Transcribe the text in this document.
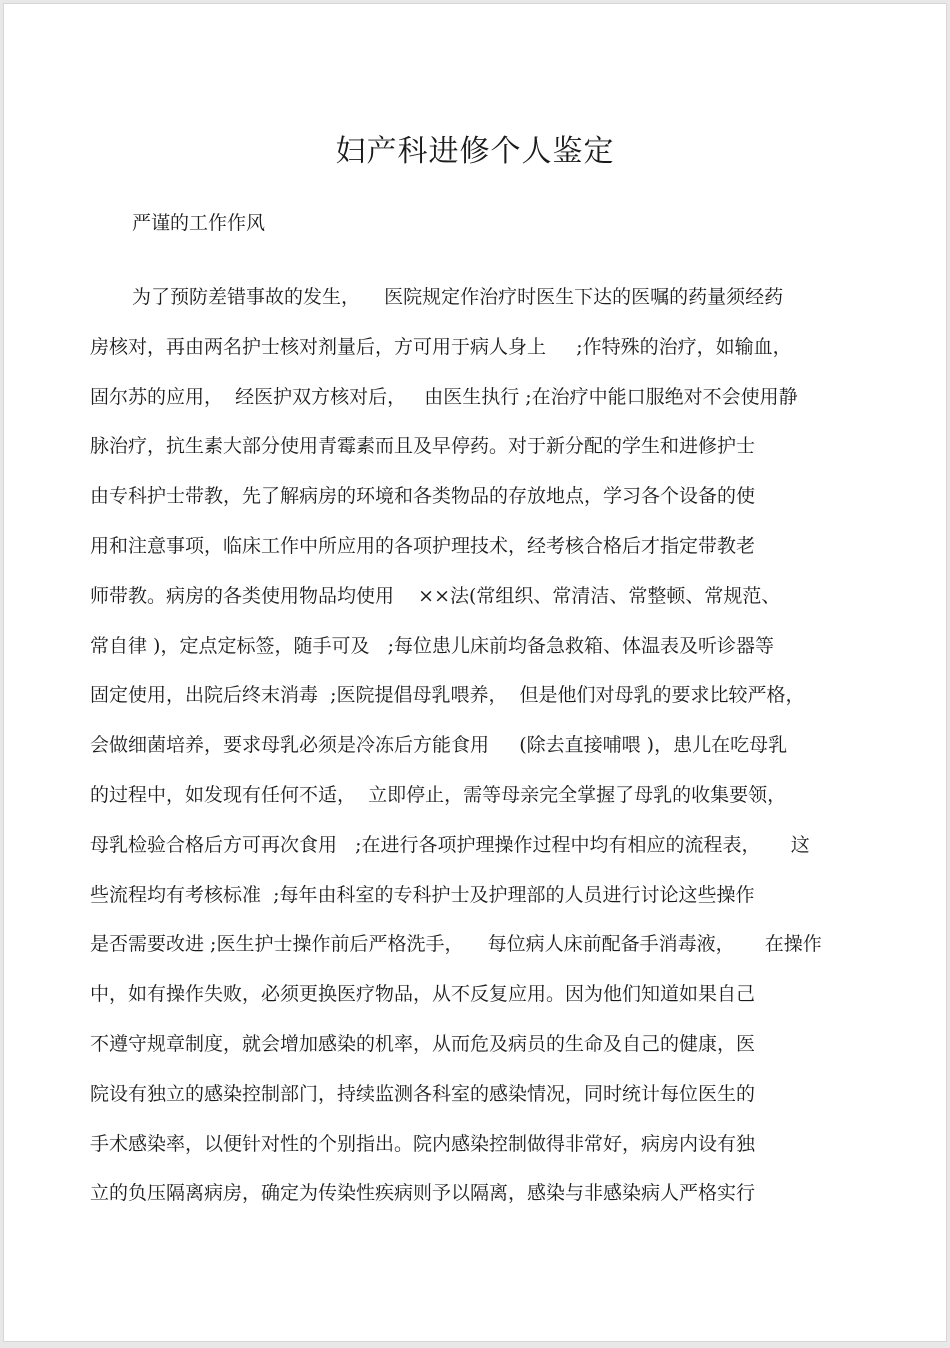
妇产科进修个人鉴定

严谨的工作作风

为了预防差错事故的发生，    医院规定作治疗时医生下达的医嘱的药量须经药
房核对，再由两名护士核对剂量后，方可用于病人身上     ;作特殊的治疗，如输血，
固尔苏的应用，  经医护双方核对后，   由医生执行 ;在治疗中能口服绝对不会使用静
脉治疗，抗生素大部分使用青霉素而且及早停药。对于新分配的学生和进修护士
由专科护士带教，先了解病房的环境和各类物品的存放地点，学习各个设备的使
用和注意事项，临床工作中所应用的各项护理技术，经考核合格后才指定带教老
师带教。病房的各类使用物品均使用    ××法(常组织、常清洁、常整顿、常规范、
常自律 )，定点定标签，随手可及   ;每位患儿床前均备急救箱、体温表及听诊器等
固定使用，出院后终末消毒  ;医院提倡母乳喂养，  但是他们对母乳的要求比较严格，
会做细菌培养，要求母乳必须是冷冻后方能食用     (除去直接哺喂 )，患儿在吃母乳
的过程中，如发现有任何不适，  立即停止，需等母亲完全掌握了母乳的收集要领，
母乳检验合格后方可再次食用   ;在进行各项护理操作过程中均有相应的流程表，     这
些流程均有考核标准  ;每年由科室的专科护士及护理部的人员进行讨论这些操作
是否需要改进 ;医生护士操作前后严格洗手，    每位病人床前配备手消毒液，     在操作
中，如有操作失败，必须更换医疗物品，从不反复应用。因为他们知道如果自己
不遵守规章制度，就会增加感染的机率，从而危及病员的生命及自己的健康，医
院设有独立的感染控制部门，持续监测各科室的感染情况，同时统计每位医生的
手术感染率，以便针对性的个别指出。院内感染控制做得非常好，病房内设有独
立的负压隔离病房，确定为传染性疾病则予以隔离，感染与非感染病人严格实行
